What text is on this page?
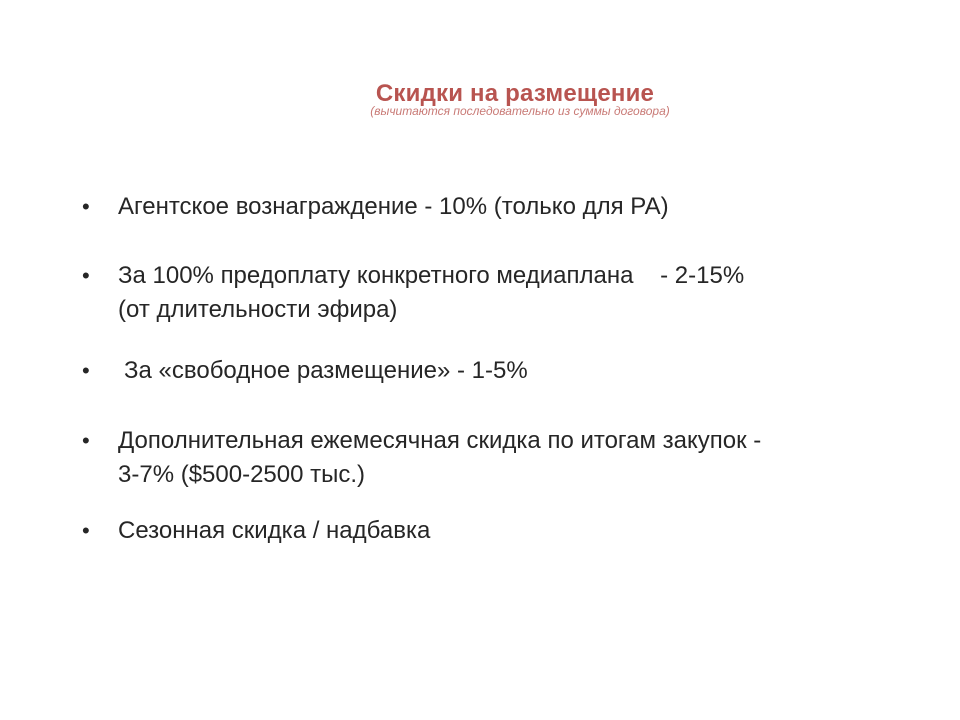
Скидки на размещение
(вычитаются последовательно из суммы договора)
•	Агентское вознаграждение - 10% (только для РА)
•	За 100% предоплату конкретного медиаплана    - 2-15%
(от длительности эфира)
•	За «свободное размещение» - 1-5%
•	Дополнительная ежемесячная скидка по итогам закупок -
3-7% ($500-2500 тыс.)
•	Сезонная скидка / надбавка
